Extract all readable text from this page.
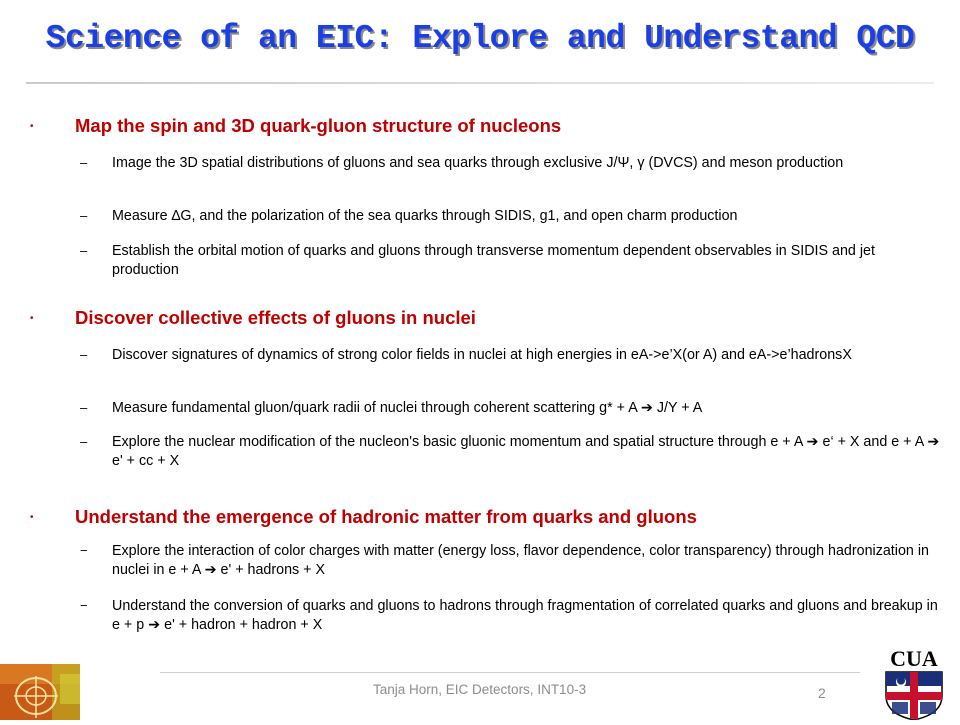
Science of an EIC: Explore and Understand QCD
• Map the spin and 3D quark-gluon structure of nucleons
– Image the 3D spatial distributions of gluons and sea quarks through exclusive J/Ψ, γ (DVCS) and meson production
– Measure ∆G, and the polarization of the sea quarks through SIDIS, g1, and open charm production
– Establish the orbital motion of quarks and gluons through transverse momentum dependent observables in SIDIS and jet production
• Discover collective effects of gluons in nuclei
– Discover signatures of dynamics of strong color fields in nuclei at high energies in eA->e’X(or A) and eA->e’hadronsX
– Measure fundamental gluon/quark radii of nuclei through coherent scattering g* + A ➔ J/Y + A
– Explore the nuclear modification of the nucleon's basic gluonic momentum and spatial structure through e + A ➔ e‘ + X and e + A ➔ e' + cc + X
• Understand the emergence of hadronic matter from quarks and gluons
− Explore the interaction of color charges with matter (energy loss, flavor dependence, color transparency) through hadronization in nuclei in e + A ➔ e' + hadrons + X
− Understand the conversion of quarks and gluons to hadrons through fragmentation of correlated quarks and gluons and breakup in e + p ➔ e' + hadron + hadron + X
Tanja Horn, EIC Detectors, INT10-3	2
CUA
